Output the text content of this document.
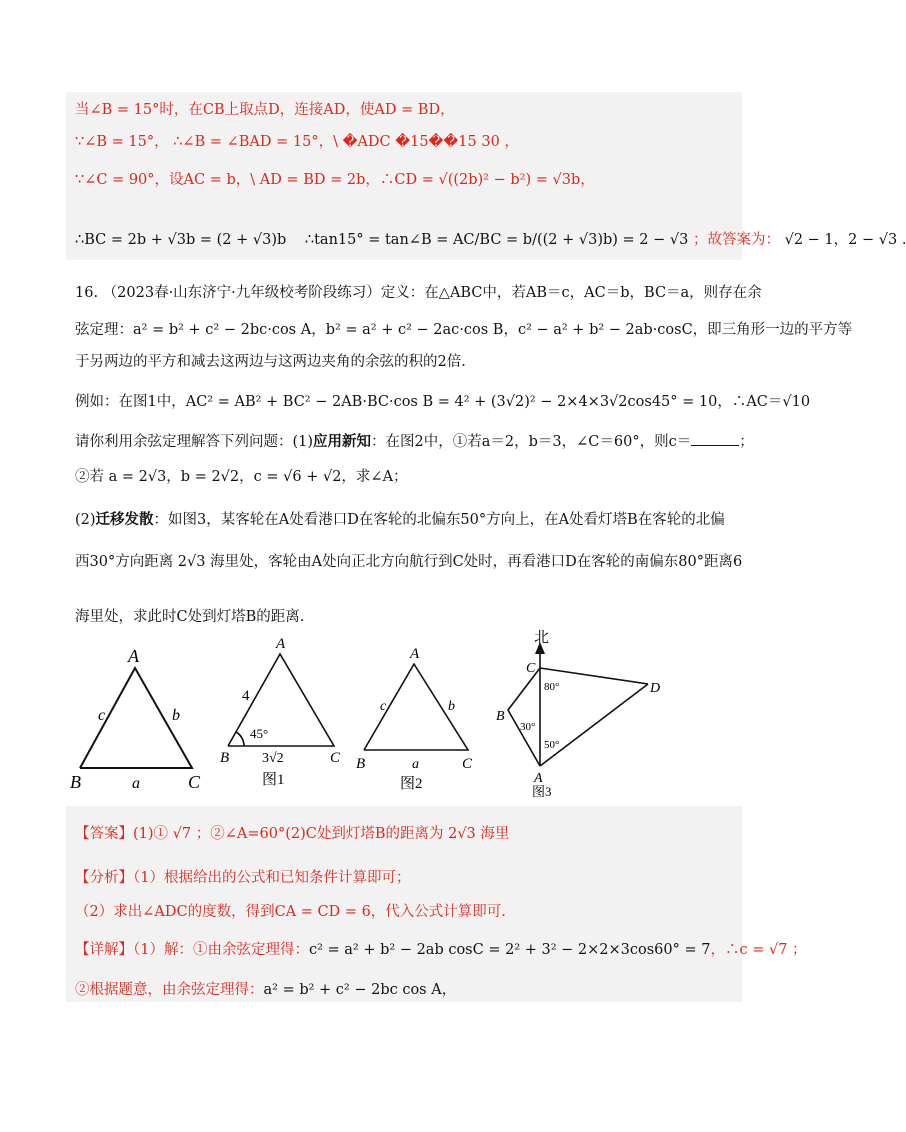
当∠B = 15°时，在CB上取点D，连接AD，使AD = BD，
∵∠B = 15°， ∴∠B = ∠BAD = 15°，\ �ADC �15��15 30 ，
∵∠C = 90°，设AC = b，\ AD = BD = 2b，∴CD = √((2b)² − b²) = √3b，
∴BC = 2b + √3b = (2 + √3)b ∴tan15° = tan∠B = AC/BC = b/((2 + √3)b) = 2 − √3 ；故答案为： √2 − 1，2 − √3 .
16. （2023春·山东济宁·九年级校考阶段练习）定义：在△ABC中，若AB＝c，AC＝b，BC＝a，则存在余
弦定理：a² = b² + c² − 2bc·cos A，b² = a² + c² − 2ac·cos B，c² − a² + b² − 2ab·cosC，即三角形一边的平方等
于另两边的平方和减去这两边与这两边夹角的余弦的积的2倍.
例如：在图1中，AC² = AB² + BC² − 2AB·BC·cos B = 4² + (3√2)² − 2×4×3√2cos45° = 10，∴AC＝√10
请你利用余弦定理解答下列问题：(1)应用新知：在图2中，①若a＝2，b＝3，∠C＝60°，则c＝	；
②若 a = 2√3，b = 2√2，c = √6 + √2，求∠A；
(2)迁移发散：如图3，某客轮在A处看港口D在客轮的北偏东50°方向上，在A处看灯塔B在客轮的北偏
西30°方向距离 2√3 海里处，客轮由A处向正北方向航行到C处时，再看港口D在客轮的南偏东80°距离6
海里处，求此时C处到灯塔B的距离.
A
B	C
c	b
a
A
B	C
4
45°
3√2
图1
A
B	C
c	b
a
图2
北
C
B
A
D
80°
30°
50°
图3
【答案】(1)① √7 ；②∠A=60°(2)C处到灯塔B的距离为 2√3 海里
【分析】（1）根据给出的公式和已知条件计算即可；
（2）求出∠ADC的度数，得到CA = CD = 6，代入公式计算即可.
【详解】（1）解：①由余弦定理得：c² = a² + b² − 2ab cosC = 2² + 3² − 2×2×3cos60° = 7，∴c = √7 ；
②根据题意，由余弦定理得：a² = b² + c² − 2bc cos A，
